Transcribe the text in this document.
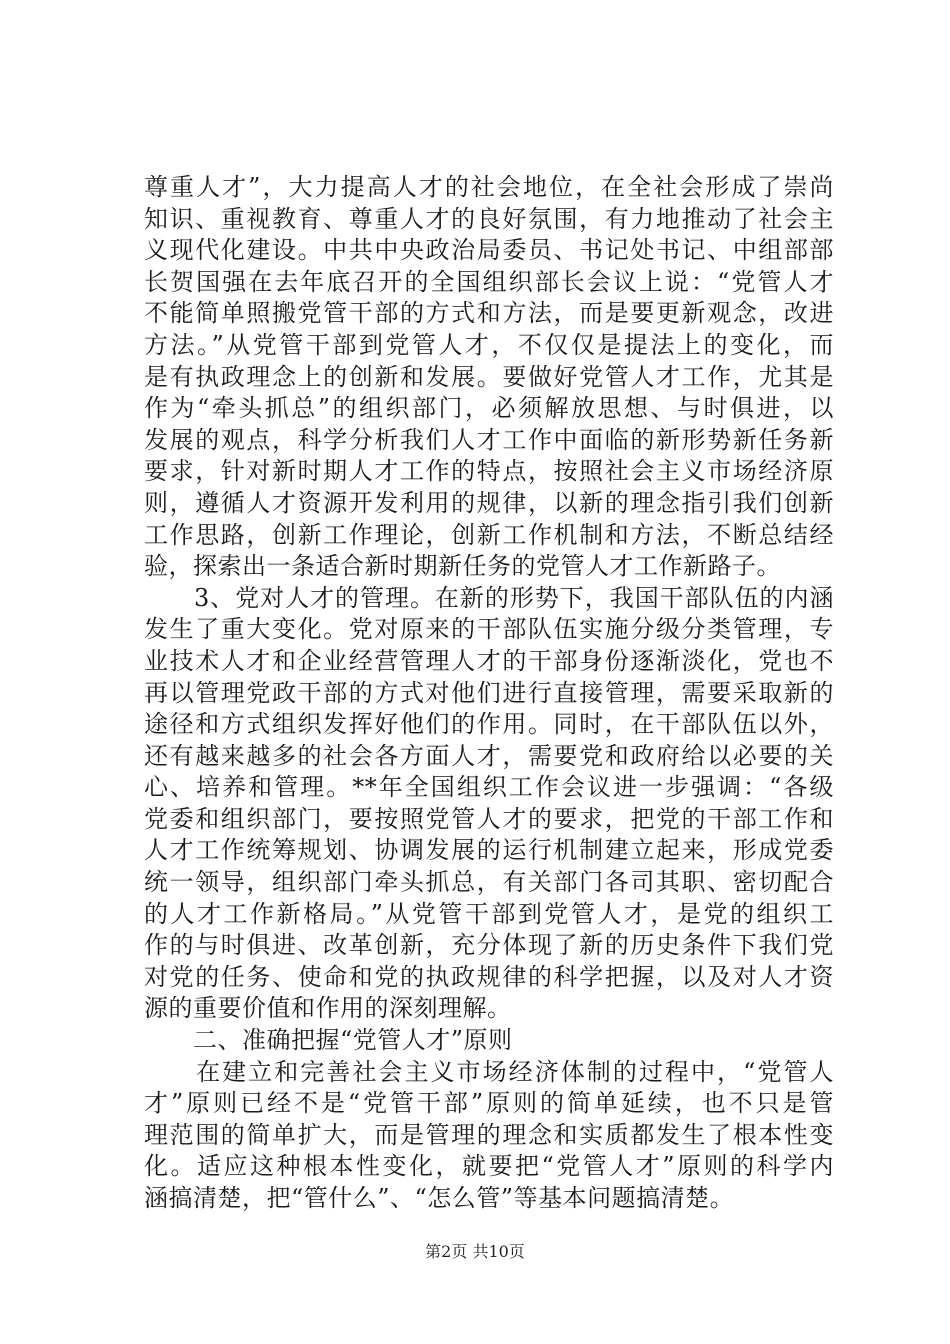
尊重人才”，大力提高人才的社会地位，在全社会形成了崇尚
知识、重视教育、尊重人才的良好氛围，有力地推动了社会主
义现代化建设。中共中央政治局委员、书记处书记、中组部部
长贺国强在去年底召开的全国组织部长会议上说：“党管人才
不能简单照搬党管干部的方式和方法，而是要更新观念，改进
方法。”从党管干部到党管人才，不仅仅是提法上的变化，而
是有执政理念上的创新和发展。要做好党管人才工作，尤其是
作为“牵头抓总”的组织部门，必须解放思想、与时俱进，以
发展的观点，科学分析我们人才工作中面临的新形势新任务新
要求，针对新时期人才工作的特点，按照社会主义市场经济原
则，遵循人才资源开发利用的规律，以新的理念指引我们创新
工作思路，创新工作理论，创新工作机制和方法，不断总结经
验，探索出一条适合新时期新任务的党管人才工作新路子。
　　3、党对人才的管理。在新的形势下，我国干部队伍的内涵
发生了重大变化。党对原来的干部队伍实施分级分类管理，专
业技术人才和企业经营管理人才的干部身份逐渐淡化，党也不
再以管理党政干部的方式对他们进行直接管理，需要采取新的
途径和方式组织发挥好他们的作用。同时，在干部队伍以外，
还有越来越多的社会各方面人才，需要党和政府给以必要的关
心、培养和管理。**年全国组织工作会议进一步强调：“各级
党委和组织部门，要按照党管人才的要求，把党的干部工作和
人才工作统筹规划、协调发展的运行机制建立起来，形成党委
统一领导，组织部门牵头抓总，有关部门各司其职、密切配合
的人才工作新格局。”从党管干部到党管人才，是党的组织工
作的与时俱进、改革创新，充分体现了新的历史条件下我们党
对党的任务、使命和党的执政规律的科学把握，以及对人才资
源的重要价值和作用的深刻理解。
　　二、准确把握“党管人才”原则
　　在建立和完善社会主义市场经济体制的过程中，“党管人
才”原则已经不是“党管干部”原则的简单延续，也不只是管
理范围的简单扩大，而是管理的理念和实质都发生了根本性变
化。适应这种根本性变化，就要把“党管人才”原则的科学内
涵搞清楚，把“管什么”、“怎么管”等基本问题搞清楚。
第2页 共10页
